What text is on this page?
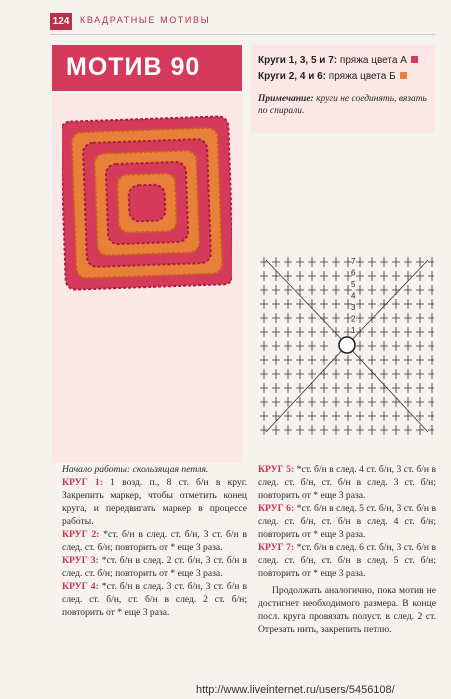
124 КВАДРАТНЫЕ МОТИВЫ
МОТИВ 90	Круги 1, 3, 5 и 7: пряжа цвета А
Круги 2, 4 и 6: пряжа цвета Б
Примечание: круги не соединять, вязать по спирали.
7
6
5
4
3
2
1

Начало работы: скользящая петля.

КРУГ 1: 1 возд. п., 8 ст. б/н в круг. Закрепить маркер, чтобы отметить конец круга, и передвигать маркер в процессе работы.

КРУГ 2: *ст. б/н в след. ст. б/н, 3 ст. б/н в след. ст. б/н; повторить от * еще 3 раза.

КРУГ 3: *ст. б/н в след. 2 ст. б/н, 3 ст. б/н в след. ст. б/н; повторить от * еще 3 раза.

КРУГ 4: *ст. б/н в след. 3 ст. б/н, 3 ст. б/н в след. ст. б/н, ст. б/н в след. 2 ст. б/н; повторить от * еще 3 раза.

КРУГ 5: *ст. б/н в след. 4 ст. б/н, 3 ст. б/н в след. ст. б/н, ст. б/н в след. 3 ст. б/н; повторить от * еще 3 раза.

КРУГ 6: *ст. б/н в след. 5 ст. б/н, 3 ст. б/н в след. ст. б/н, ст. б/н в след. 4 ст. б/н; повторить от * еще 3 раза.

КРУГ 7: *ст. б/н в след. 6 ст. б/н, 3 ст. б/н в след. ст. б/н, ст. б/н в след. 5 ст. б/н; повторить от * еще 3 раза.

Продолжать аналогично, пока мотив не достигнет необходимого размера. В конце посл. круга провязать полуст. в след. 2 ст. Отрезать нить, закрепить петлю.

http://www.liveinternet.ru/users/5456108/
